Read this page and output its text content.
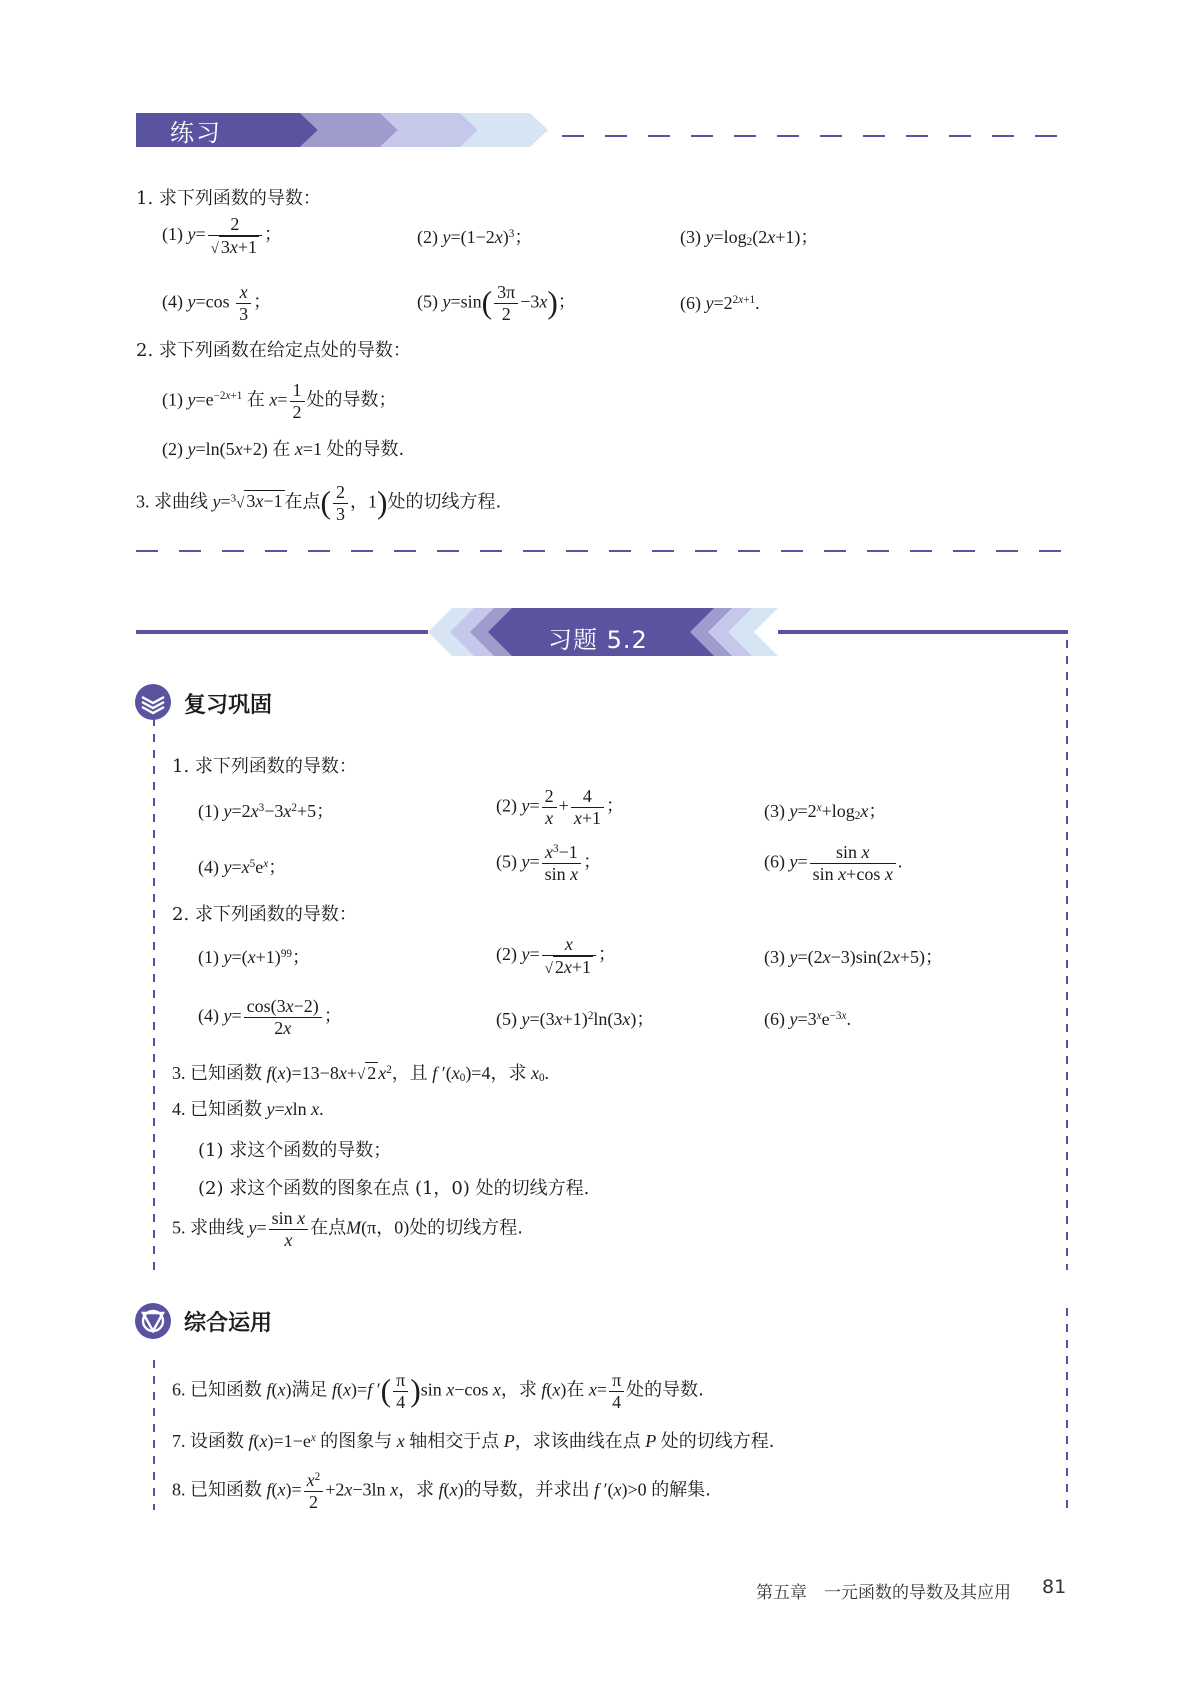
练习
1. 求下列函数的导数：
(1) $y= \frac{2}{√ 3x+1}$ ；	(2) $y=(1-2x)^3$；	(3) $y=\log_2(2x+1)$；
(4) $y=\cos \frac{x}{3}$ ；	(5) $y=\sin( \frac{3\pi}{2} -3x)$；	(6) $y=2^{2x+1}$.
2. 求下列函数在给定点处的导数：
(1) $y=e^{-2x+1}$ 在 $x= \frac{1}{2}$ 处的导数；
(2) y=ln(5x+2) 在 x=1 处的导数.
3. 求曲线 y=$^3$√ 3x−1 在点( $\frac{2}{3}$ ，1)处的切线方程.
习题 5.2
复习巩固
1. 求下列函数的导数：
(1) $y=2x^3-3x^2+5$；	(2) $y= \frac{2}{x} + \frac{4}{x+1}$ ；	(3) $y=2^x+\log_2x$；
(4) $y=x^5e^x$；	(5) $y= \frac{x^3-1}{\text{sin x}}$ ；	(6) $y= \frac{\text{sin x}}{\text{sin x+cos x}}$ .
2. 求下列函数的导数：
(1) $y=(x+1)^{99}$；	(2) $y= \frac{x}{√ 2x+1}$ ；	(3) y=(2x−3)sin(2x+5)；
(4) $y= \frac{\cos(3x-2)}{2x}$ ；	(5) $y=(3x+1)^2\ln(3x)$；	(6) $y=3^xe^{-3x}$.
3. 已知函数 f(x)=13−8x+√ 2 $x^2$，且 f $'(x_0)=4$，求 $x_0$.
4. 已知函数 y=xln x.
(1) 求这个函数的导数；
(2) 求这个函数的图象在点 (1，0) 处的切线方程.
5. 求曲线 $y= \frac{\text{sin x}}{x}$ 在点M(π，0)处的切线方程.
综合运用
6. 已知函数 f(x)满足 f(x)=f ′( $\frac{\pi}{4} )\sin$ x−cos x，求 f(x)在 $x= \frac{\pi}{4}$ 处的导数.
7. 设函数 $f(x)=1-e^x$ 的图象与 x 轴相交于点 P，求该曲线在点 P 处的切线方程.
8. 已知函数 $f(x)= \frac{x^2}{2} +2x-3\ln$ x，求 f(x)的导数，并求出 f ′(x)>0 的解集.
第五章　一元函数的导数及其应用 81
